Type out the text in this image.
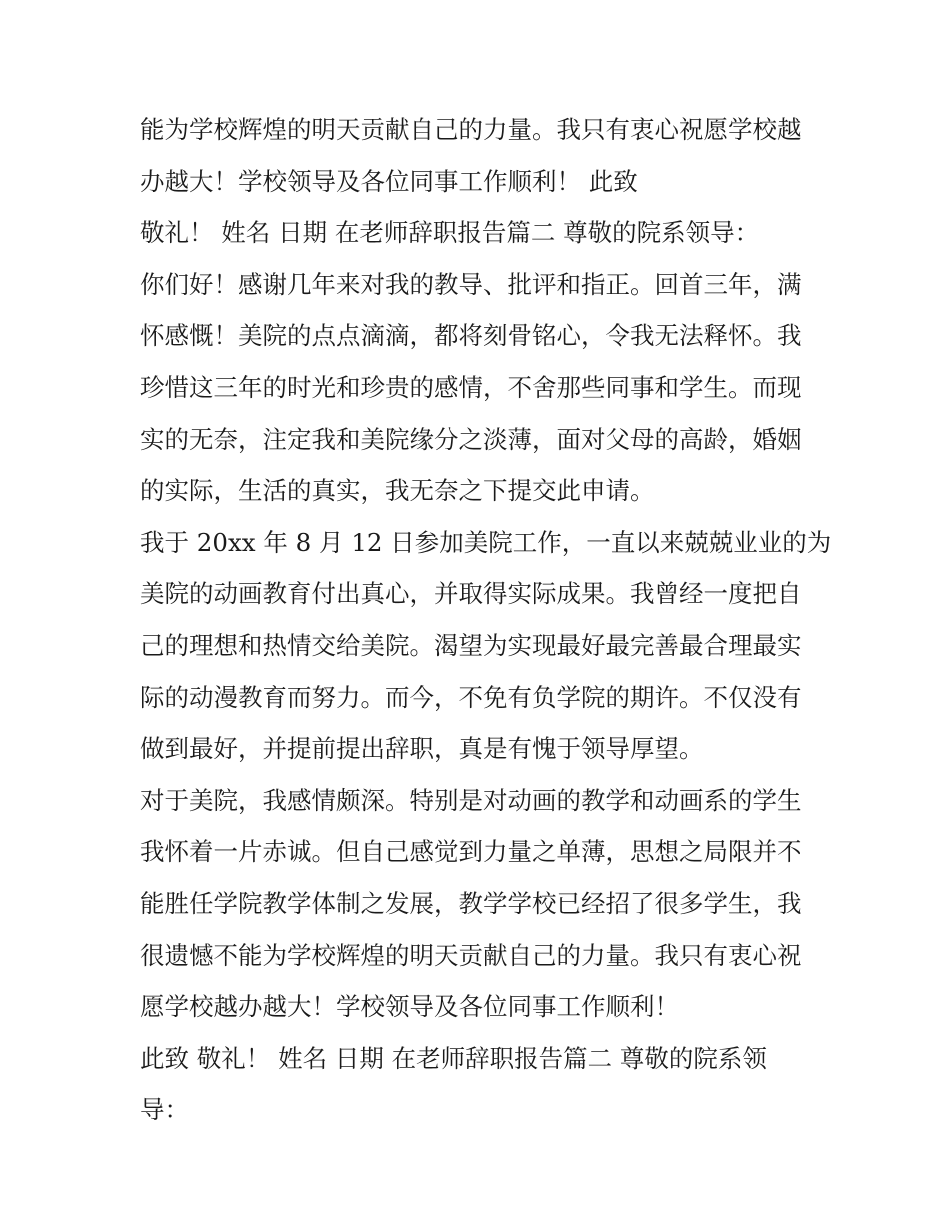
能为学校辉煌的明天贡献自己的力量。我只有衷心祝愿学校越
办越大！学校领导及各位同事工作顺利！ 此致
敬礼！ 姓名 日期 在老师辞职报告篇二 尊敬的院系领导：
你们好！感谢几年来对我的教导、批评和指正。回首三年，满
怀感慨！美院的点点滴滴，都将刻骨铭心，令我无法释怀。我
珍惜这三年的时光和珍贵的感情，不舍那些同事和学生。而现
实的无奈，注定我和美院缘分之淡薄，面对父母的高龄，婚姻
的实际，生活的真实，我无奈之下提交此申请。
我于 20xx 年 8 月 12 日参加美院工作，一直以来兢兢业业的为
美院的动画教育付出真心，并取得实际成果。我曾经一度把自
己的理想和热情交给美院。渴望为实现最好最完善最合理最实
际的动漫教育而努力。而今，不免有负学院的期许。不仅没有
做到最好，并提前提出辞职，真是有愧于领导厚望。
对于美院，我感情颇深。特别是对动画的教学和动画系的学生
我怀着一片赤诚。但自己感觉到力量之单薄，思想之局限并不
能胜任学院教学体制之发展，教学学校已经招了很多学生，我
很遗憾不能为学校辉煌的明天贡献自己的力量。我只有衷心祝
愿学校越办越大！学校领导及各位同事工作顺利！
此致 敬礼！ 姓名 日期 在老师辞职报告篇二 尊敬的院系领
导：
